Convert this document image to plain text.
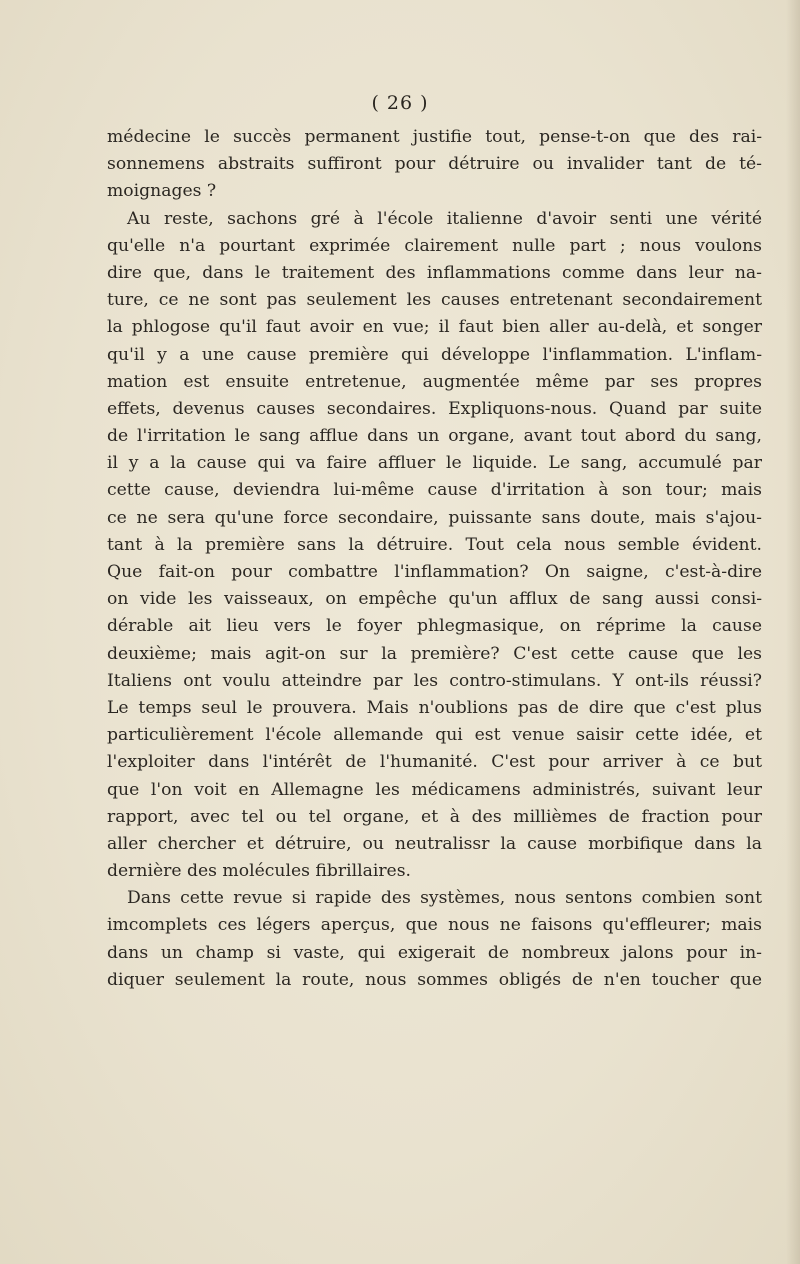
( 26 )
médecine le succès permanent justifie tout, pense-t-on que des rai-
sonnemens abstraits suffiront pour détruire ou invalider tant de té-
moignages ?
Au reste, sachons gré à l'école italienne d'avoir senti une vérité
qu'elle n'a pourtant exprimée clairement nulle part ; nous voulons
dire que, dans le traitement des inflammations comme dans leur na-
ture, ce ne sont pas seulement les causes entretenant secondairement
la phlogose qu'il faut avoir en vue; il faut bien aller au-delà, et songer
qu'il y a une cause première qui développe l'inflammation. L'inflam-
mation est ensuite entretenue, augmentée même par ses propres
effets, devenus causes secondaires. Expliquons-nous. Quand par suite
de l'irritation le sang afflue dans un organe, avant tout abord du sang,
il y a la cause qui va faire affluer le liquide. Le sang, accumulé par
cette cause, deviendra lui-même cause d'irritation à son tour; mais
ce ne sera qu'une force secondaire, puissante sans doute, mais s'ajou-
tant à la première sans la détruire. Tout cela nous semble évident.
Que fait-on pour combattre l'inflammation? On saigne, c'est-à-dire
on vide les vaisseaux, on empêche qu'un afflux de sang aussi consi-
dérable ait lieu vers le foyer phlegmasique, on réprime la cause
deuxième; mais agit-on sur la première? C'est cette cause que les
Italiens ont voulu atteindre par les contro-stimulans. Y ont-ils réussi?
Le temps seul le prouvera. Mais n'oublions pas de dire que c'est plus
particulièrement l'école allemande qui est venue saisir cette idée, et
l'exploiter dans l'intérêt de l'humanité. C'est pour arriver à ce but
que l'on voit en Allemagne les médicamens administrés, suivant leur
rapport, avec tel ou tel organe, et à des millièmes de fraction pour
aller chercher et détruire, ou neutralissr la cause morbifique dans la
dernière des molécules fibrillaires.
Dans cette revue si rapide des systèmes, nous sentons combien sont
imcomplets ces légers aperçus, que nous ne faisons qu'effleurer; mais
dans un champ si vaste, qui exigerait de nombreux jalons pour in-
diquer seulement la route, nous sommes obligés de n'en toucher que
